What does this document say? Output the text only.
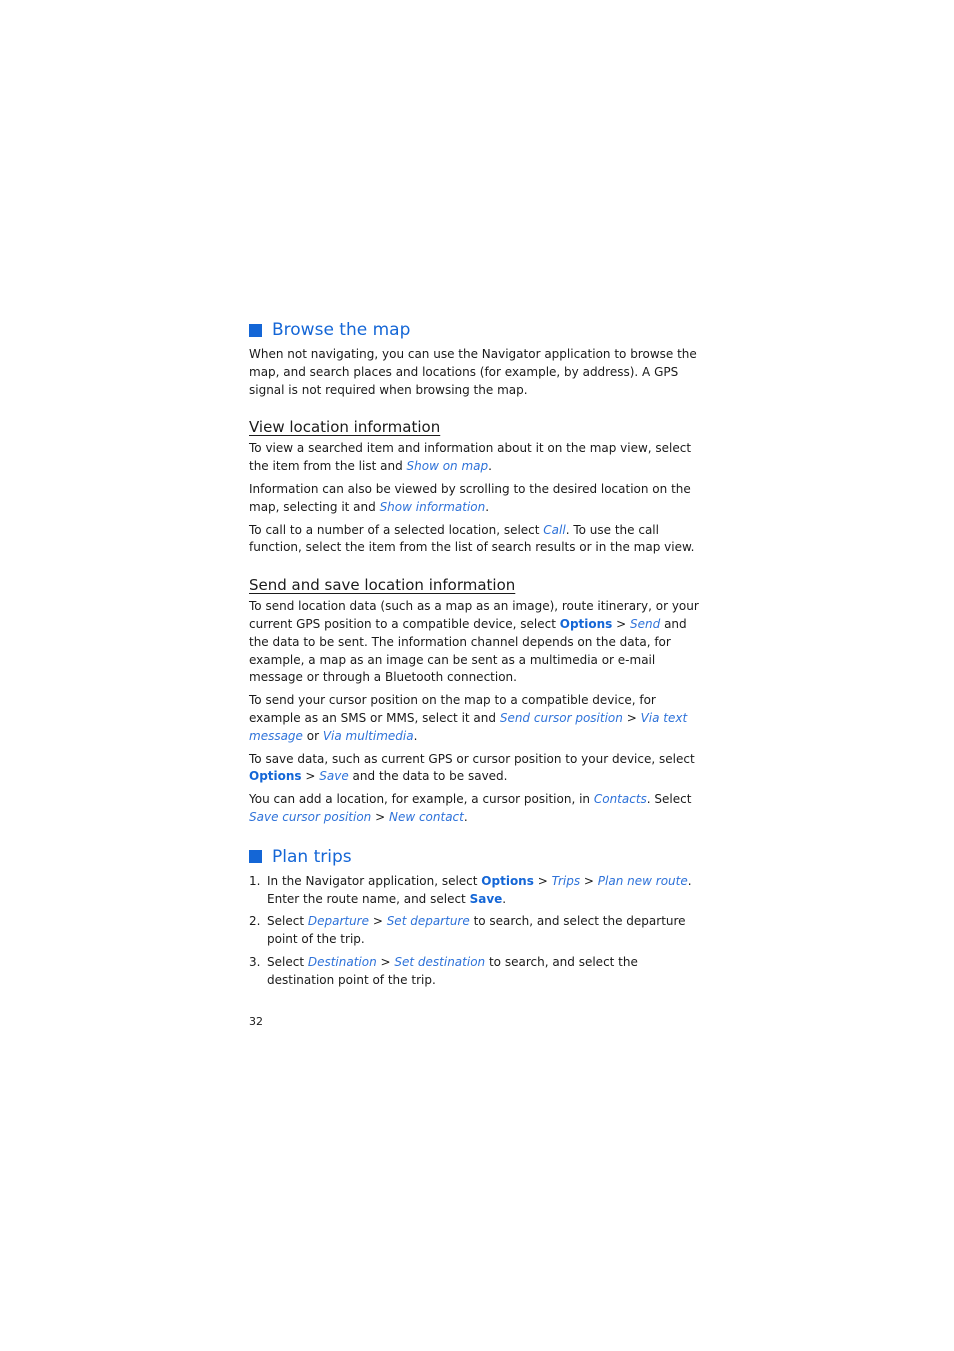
Browse the map

When not navigating, you can use the Navigator application to browse the map, and search places and locations (for example, by address). A GPS signal is not required when browsing the map.

View location information

To view a searched item and information about it on the map view, select the item from the list and Show on map.

Information can also be viewed by scrolling to the desired location on the map, selecting it and Show information.

To call to a number of a selected location, select Call. To use the call function, select the item from the list of search results or in the map view.

Send and save location information

To send location data (such as a map as an image), route itinerary, or your current GPS position to a compatible device, select Options > Send and the data to be sent. The information channel depends on the data, for example, a map as an image can be sent as a multimedia or e-mail message or through a Bluetooth connection.

To send your cursor position on the map to a compatible device, for example as an SMS or MMS, select it and Send cursor position > Via text message or Via multimedia.

To save data, such as current GPS or cursor position to your device, select Options > Save and the data to be saved.

You can add a location, for example, a cursor position, in Contacts. Select Save cursor position > New contact.

Plan trips
1. In the Navigator application, select Options > Trips > Plan new route. Enter the route name, and select Save.
2. Select Departure > Set departure to search, and select the departure point of the trip.
3. Select Destination > Set destination to search, and select the destination point of the trip.
32
